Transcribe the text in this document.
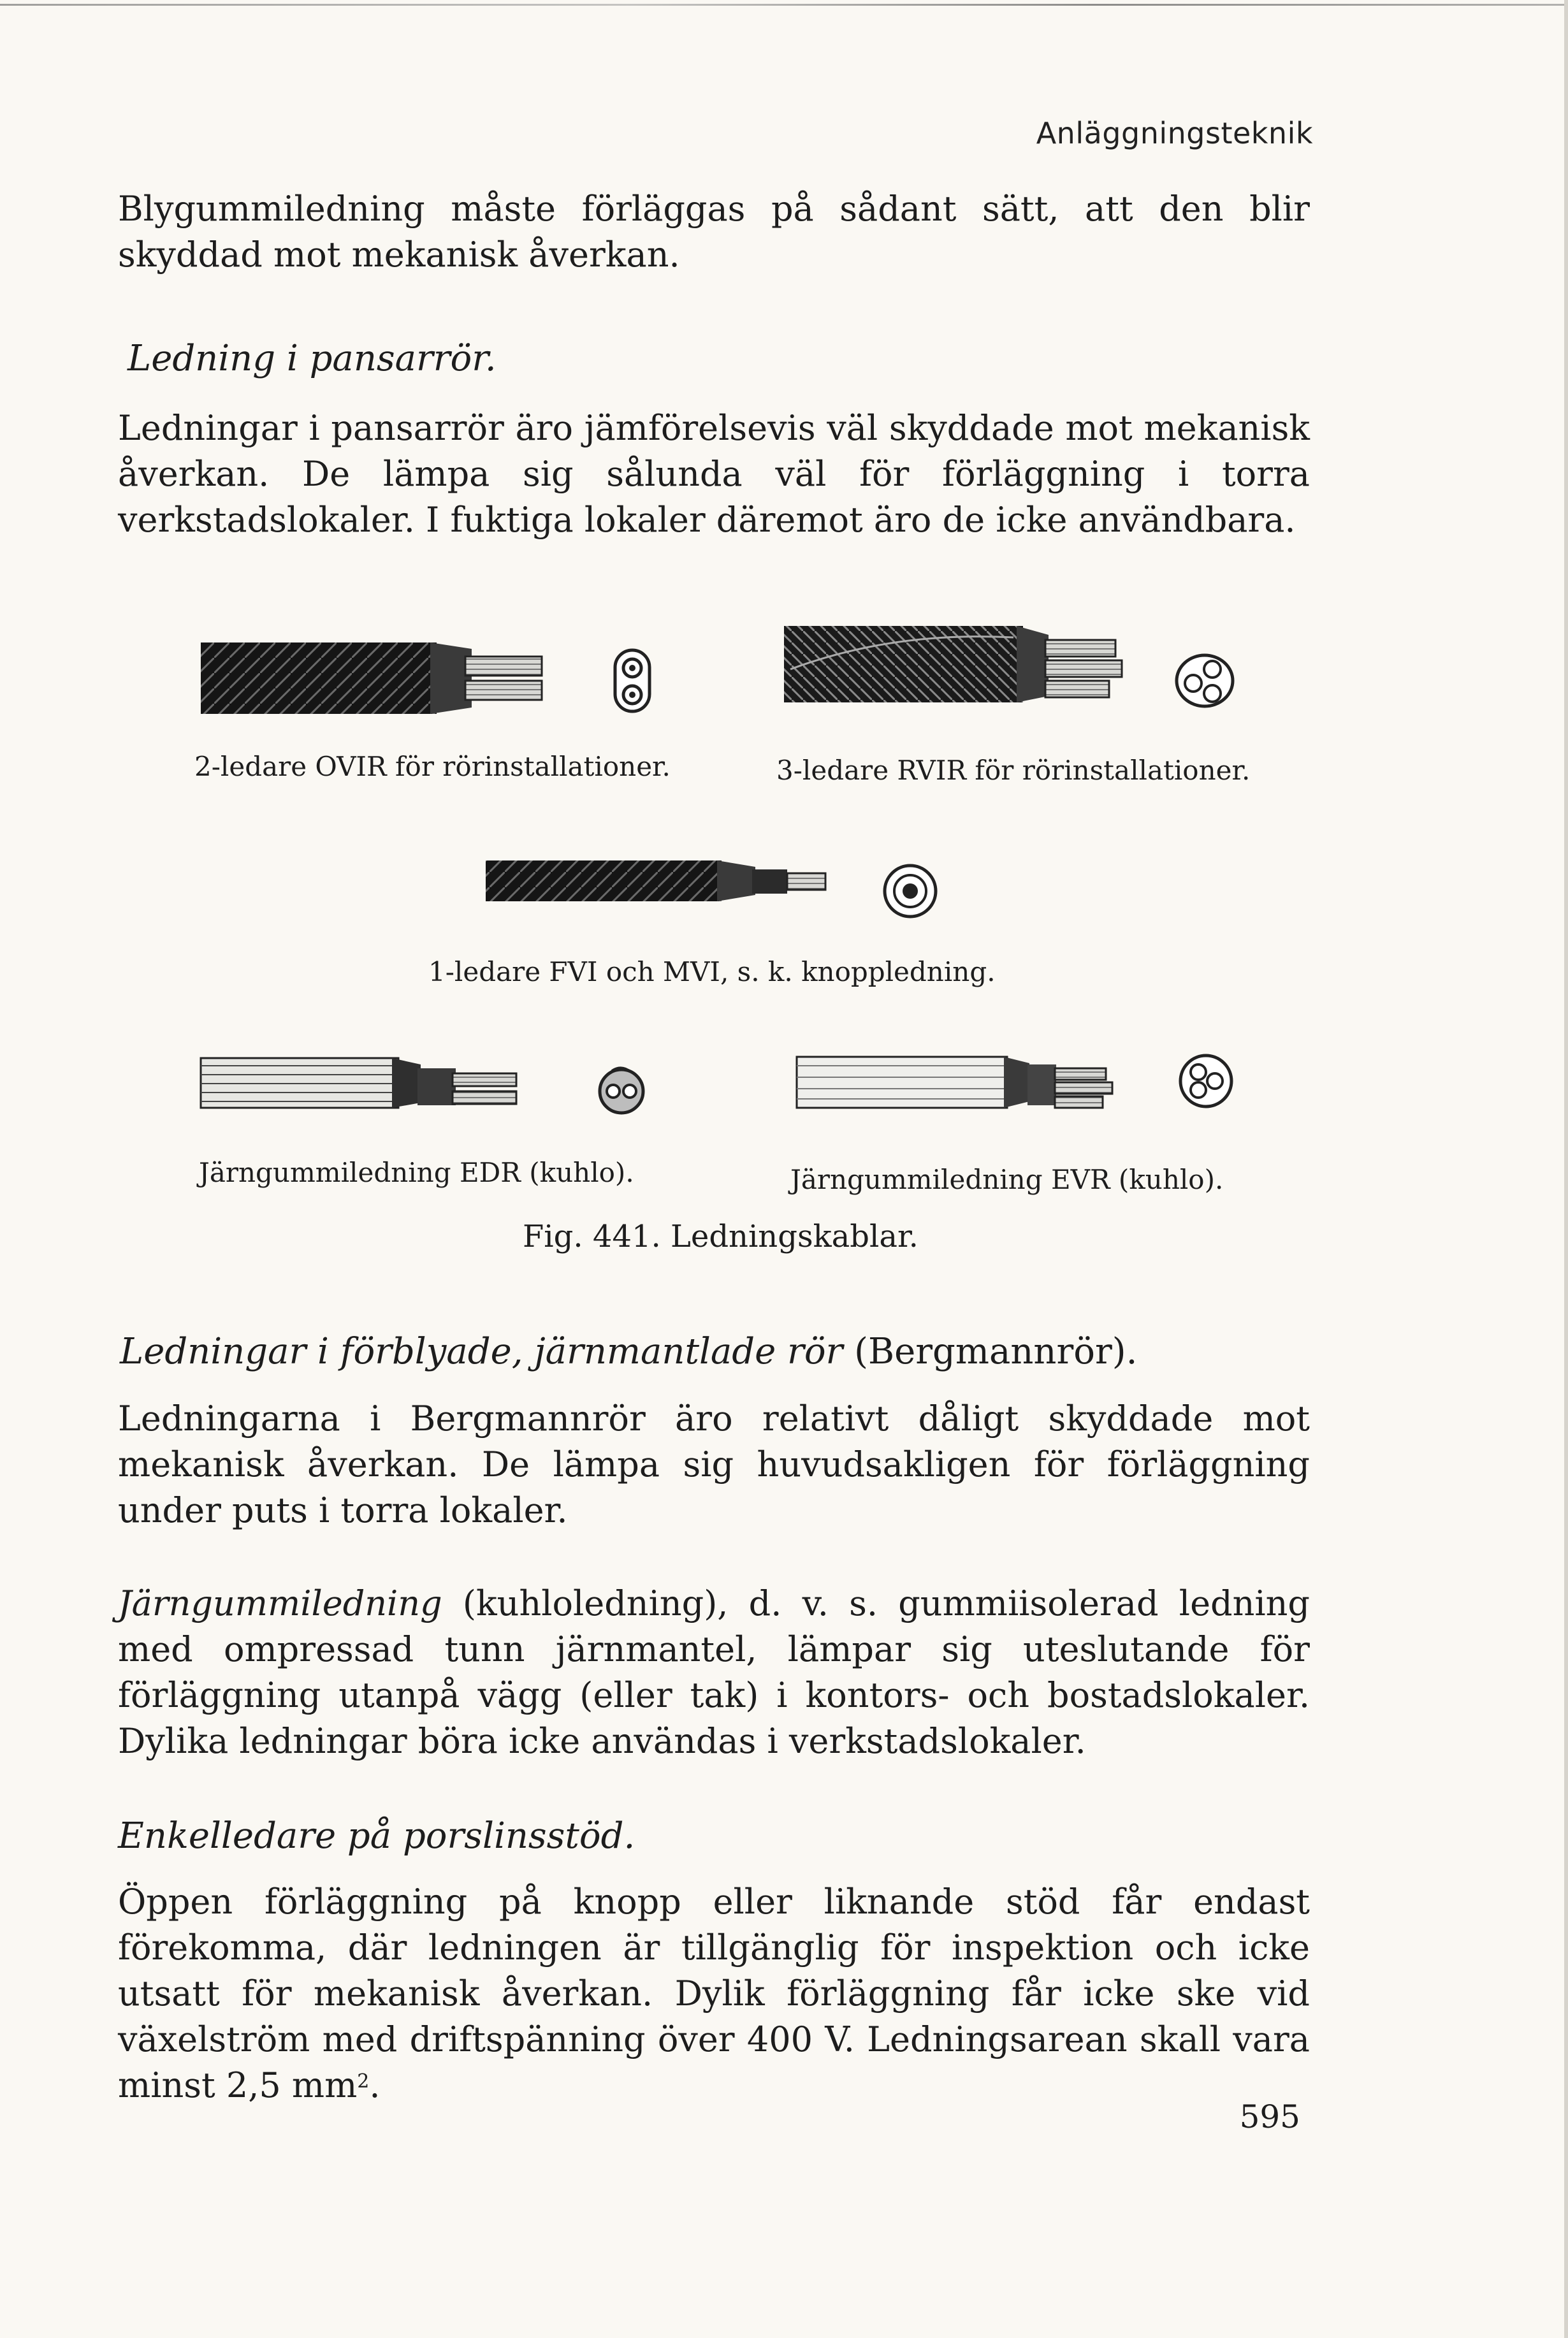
Anläggningsteknik

Blygummiledning måste förläggas på sådant sätt, att den blir skyddad mot mekanisk åverkan.

Ledning i pansarrör.

Ledningar i pansarrör äro jämförelsevis väl skyddade mot mekanisk åverkan. De lämpa sig sålunda väl för förläggning i torra verkstadslokaler. I fuktiga lokaler däremot äro de icke användbara.

2-ledare OVIR för rörinstallationer.	3-ledare RVIR för rörinstallationer.
1-ledare FVI och MVI, s. k. knoppledning.
Järngummiledning EDR (kuhlo).	Järngummiledning EVR (kuhlo).
Fig. 441. Ledningskablar.
Ledningar i förblyade, järnmantlade rör (Bergmannrör).

Ledningarna i Bergmannrör äro relativt dåligt skyddade mot mekanisk åverkan. De lämpa sig huvudsakligen för förläggning under puts i torra lokaler.

Järngummiledning (kuhloledning), d. v. s. gummiisolerad ledning med ompressad tunn järnmantel, lämpar sig uteslutande för förläggning utanpå vägg (eller tak) i kontors- och bostadslokaler. Dylika ledningar böra icke användas i verkstadslokaler.

Enkelledare på porslinsstöd.

Öppen förläggning på knopp eller liknande stöd får endast förekomma, där ledningen är tillgänglig för inspektion och icke utsatt för mekanisk åverkan. Dylik förläggning får icke ske vid växelström med driftspänning över 400 V. Ledningsarean skall vara minst 2,5 $mm^2$.

595
